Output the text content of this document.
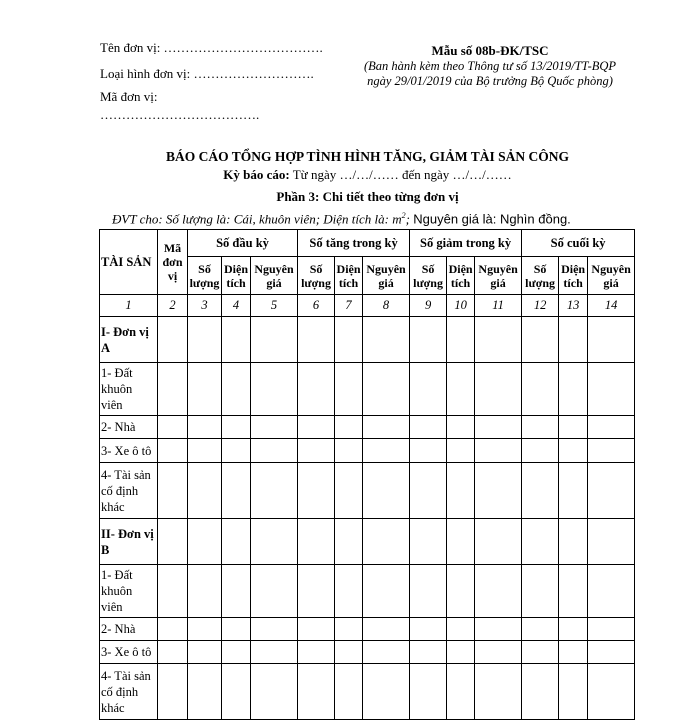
Tên đơn vị: ……………………………….
Loại hình đơn vị: ……………………….
Mã đơn vị:
……………………………….
Mẫu số 08b-ĐK/TSC
(Ban hành kèm theo Thông tư số 13/2019/TT-BQP
ngày 29/01/2019 của Bộ trưởng Bộ Quốc phòng)
BÁO CÁO TỔNG HỢP TÌNH HÌNH TĂNG, GIẢM TÀI SẢN CÔNG
Kỳ báo cáo: Từ ngày …/…/…… đến ngày …/…/……
Phần 3: Chi tiết theo từng đơn vị
ĐVT cho: Số lượng là: Cái, khuôn viên; Diện tích là: $m^2$; Nguyên giá là: Nghìn đồng.
TÀI SẢN	Mã đơn vị	Số đầu kỳ			Số tăng trong kỳ			Số giảm trong kỳ			Số cuối kỳ		
		Số lượng	Diện tích	Nguyên giá	Số lượng	Diện tích	Nguyên giá	Số lượng	Diện tích	Nguyên giá	Số lượng	Diện tích	Nguyên giá
1	2	3	4	5	6	7	8	9	10	11	12	13	14
I- Đơn vị A													
1- Đất khuôn viên													
2- Nhà													
3- Xe ô tô													
4- Tài sản cố định khác													
II- Đơn vị B													
1- Đất khuôn viên													
2- Nhà													
3- Xe ô tô													
4- Tài sản cố định khác													
